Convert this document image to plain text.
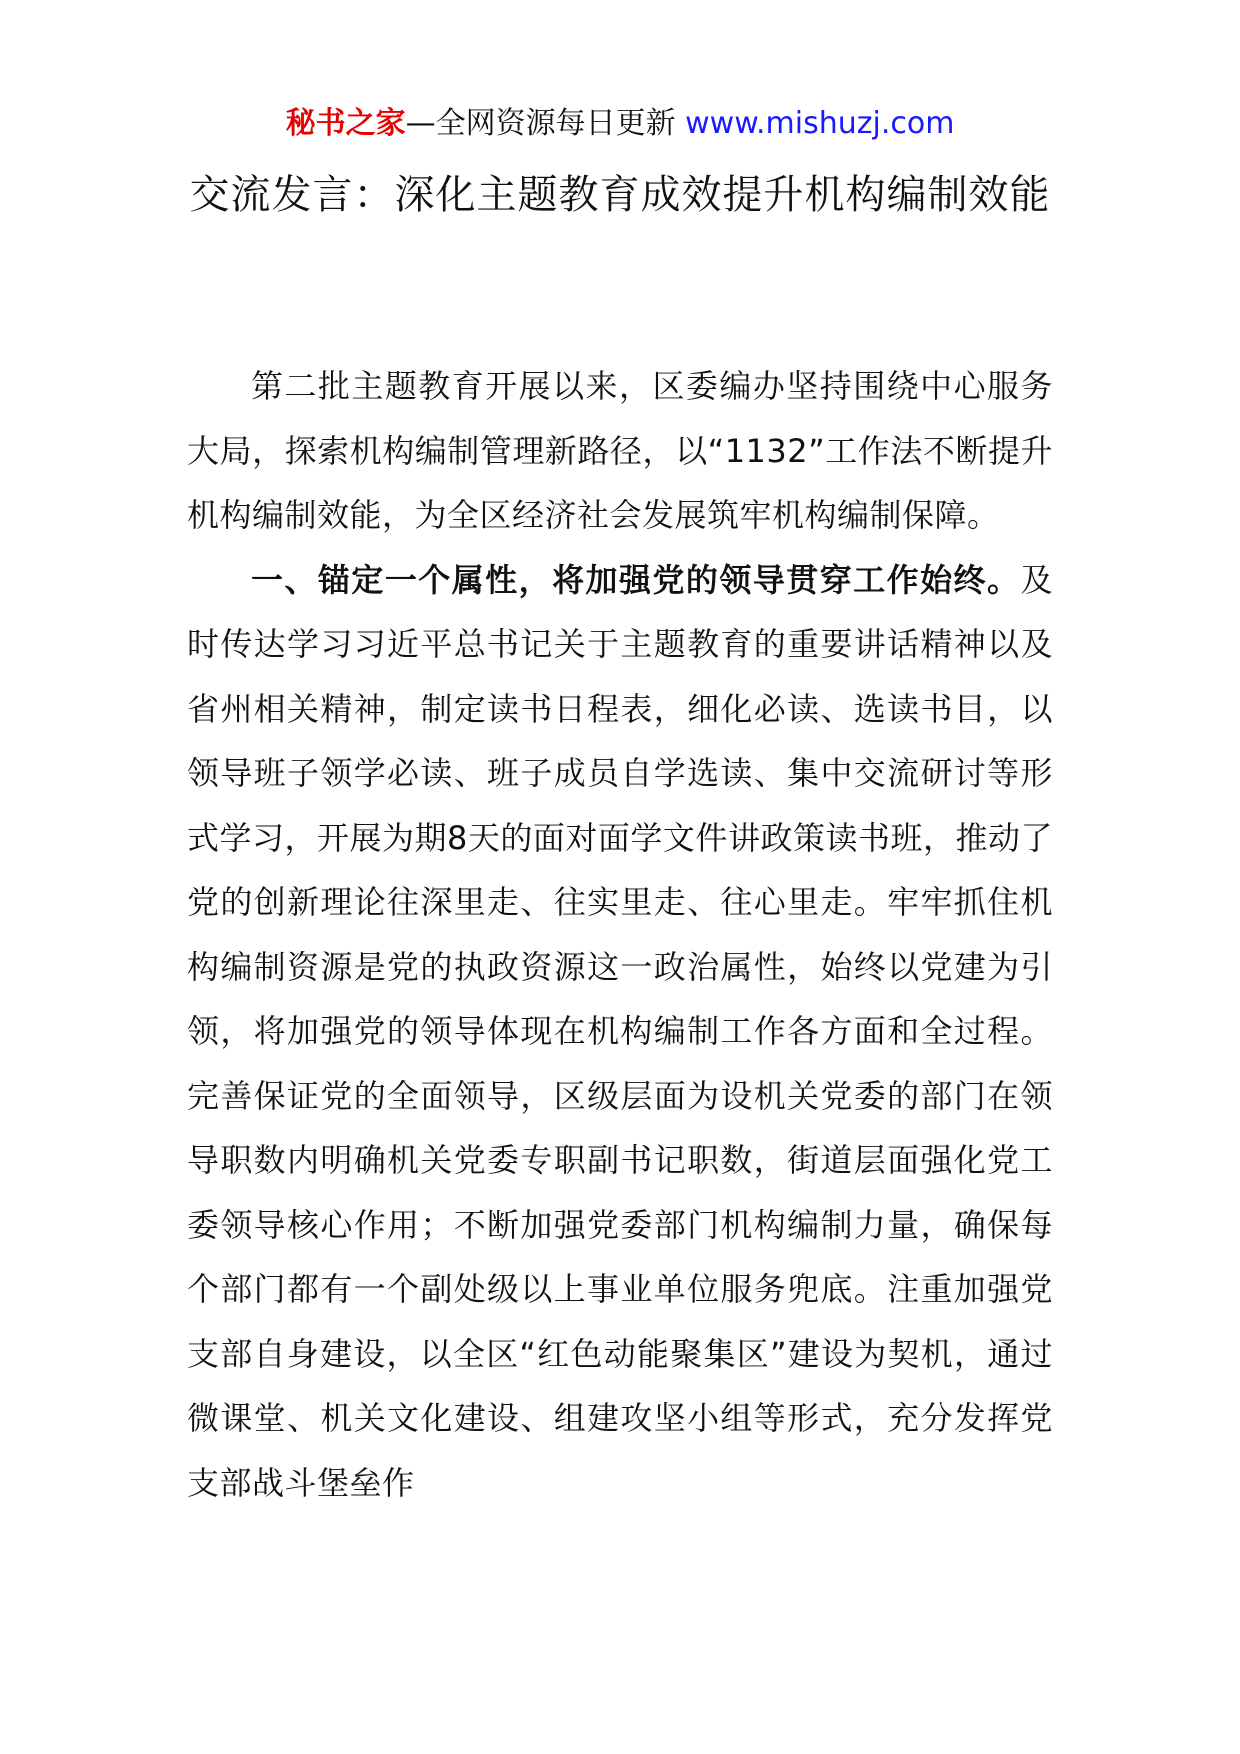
秘书之家—全网资源每日更新 www.mishuzj.com
交流发言：深化主题教育成效提升机构编制效能

第二批主题教育开展以来，区委编办坚持围绕中心服务大局，探索机构编制管理新路径，以“1132”工作法不断提升机构编制效能，为全区经济社会发展筑牢机构编制保障。

一、锚定一个属性，将加强党的领导贯穿工作始终。及时传达学习习近平总书记关于主题教育的重要讲话精神以及省州相关精神，制定读书日程表，细化必读、选读书目，以领导班子领学必读、班子成员自学选读、集中交流研讨等形式学习，开展为期8天的面对面学文件讲政策读书班，推动了党的创新理论往深里走、往实里走、往心里走。牢牢抓住机构编制资源是党的执政资源这一政治属性，始终以党建为引领，将加强党的领导体现在机构编制工作各方面和全过程。完善保证党的全面领导，区级层面为设机关党委的部门在领导职数内明确机关党委专职副书记职数，街道层面强化党工委领导核心作用；不断加强党委部门机构编制力量，确保每个部门都有一个副处级以上事业单位服务兜底。注重加强党支部自身建设，以全区“红色动能聚集区”建设为契机，通过微课堂、机关文化建设、组建攻坚小组等形式，充分发挥党支部战斗堡垒作
